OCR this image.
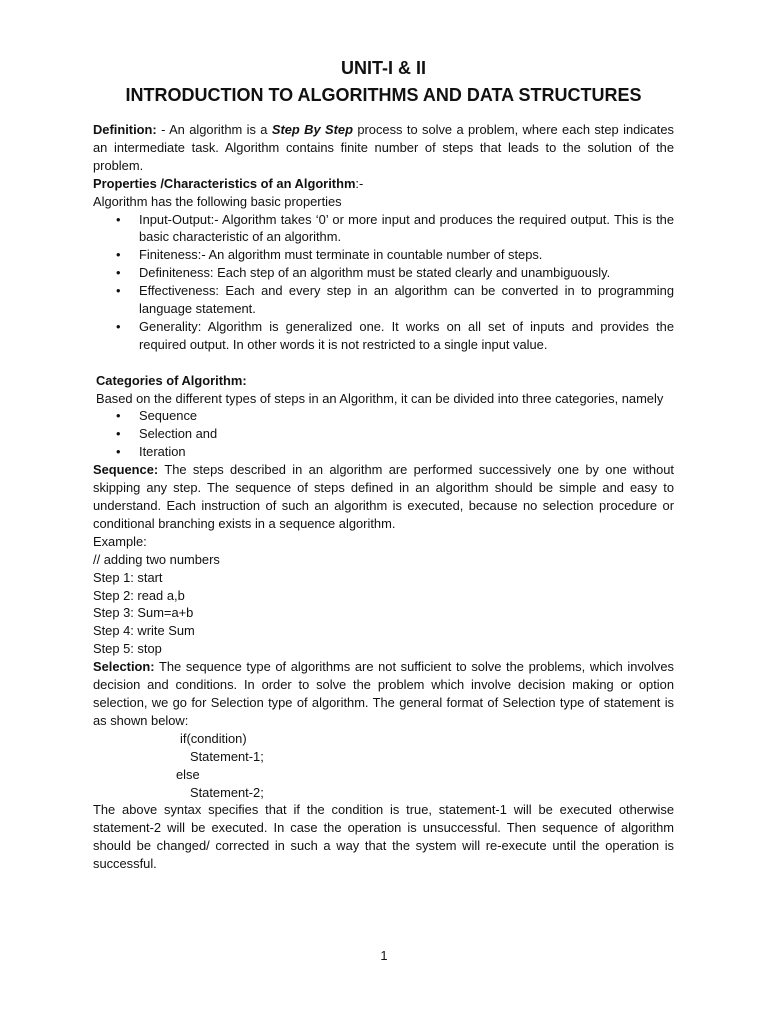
UNIT-I & II
INTRODUCTION TO ALGORITHMS AND DATA STRUCTURES

Definition: - An algorithm is a Step By Step process to solve a problem, where each step indicates an intermediate task. Algorithm contains finite number of steps that leads to the solution of the problem.

Properties /Characteristics of an Algorithm:-

Algorithm has the following basic properties

• Input-Output:- Algorithm takes ‘0’ or more input and produces the required output. This is the basic characteristic of an algorithm.
• Finiteness:- An algorithm must terminate in countable number of steps.
• Definiteness: Each step of an algorithm must be stated clearly and unambiguously.
• Effectiveness: Each and every step in an algorithm can be converted in to programming language statement.
• Generality: Algorithm is generalized one. It works on all set of inputs and provides the required output. In other words it is not restricted to a single input value.

Categories of Algorithm:

Based on the different types of steps in an Algorithm, it can be divided into three categories, namely

• Sequence
• Selection and
• Iteration

Sequence: The steps described in an algorithm are performed successively one by one without skipping any step. The sequence of steps defined in an algorithm should be simple and easy to understand. Each instruction of such an algorithm is executed, because no selection procedure or conditional branching exists in a sequence algorithm.

Example:
// adding two numbers
Step 1: start
Step 2: read a,b
Step 3: Sum=a+b
Step 4: write Sum
Step 5: stop

Selection: The sequence type of algorithms are not sufficient to solve the problems, which involves decision and conditions. In order to solve the problem which involve decision making or option selection, we go for Selection type of algorithm. The general format of Selection type of statement is as shown below:

if(condition)
Statement-1;
else
Statement-2;

The above syntax specifies that if the condition is true, statement-1 will be executed otherwise statement-2 will be executed. In case the operation is unsuccessful. Then sequence of algorithm should be changed/ corrected in such a way that the system will re-execute until the operation is successful.

1
